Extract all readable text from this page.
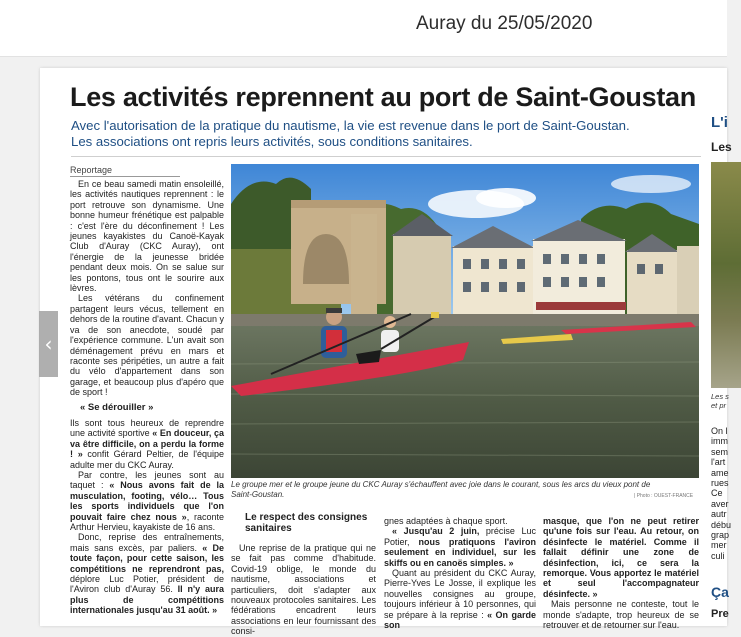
Auray du 25/05/2020
‹
Les activités reprennent au port de Saint-Goustan
Avec l'autorisation de la pratique du nautisme, la vie est revenue dans le port de Saint-Goustan.
Les associations ont repris leurs activités, sous conditions sanitaires.
Reportage

En ce beau samedi matin ensoleillé, les activités nautiques reprennent : le port retrouve son dynamisme. Une bonne humeur frénétique est palpable : c'est l'ère du déconfinement ! Les jeunes kayakistes du Canoë-Kayak Club d'Auray (CKC Auray), ont l'énergie de la jeunesse bridée pendant deux mois. On se salue sur les pontons, tous ont le sourire aux lèvres.

Les vétérans du confinement partagent leurs vécus, tellement en dehors de la routine d'avant. Chacun y va de son anecdote, soudé par l'expérience commune. L'un avait son déménagement prévu en mars et raconte ses péripéties, un autre a fait du vélo d'appartement dans son garage, et beaucoup plus d'apéro que de sport !

« Se dérouiller »

Ils sont tous heureux de reprendre une activité sportive « En douceur, ça va être difficile, on a perdu la forme ! » confit Gérard Peltier, de l'équipe adulte mer du CKC Auray.

Par contre, les jeunes sont au taquet : « Nous avons fait de la musculation, footing, vélo… Tous les sports individuels que l'on pouvait faire chez nous », raconte Arthur Hervieu, kayakiste de 16 ans.

Donc, reprise des entraînements, mais sans excès, par paliers. « De toute façon, pour cette saison, les compétitions ne reprendront pas, déplore Luc Potier, président de l'Aviron club d'Auray 56. Il n'y aura plus de compétitions internationales jusqu'au 31 août. »

Le groupe mer et le groupe jeune du CKC Auray s'échauffent avec joie dans le courant, sous les arcs du vieux pont de Saint-Goustan.	| Photo : OUEST-FRANCE
Le respect des consignes sanitaires

Une reprise de la pratique qui ne se fait pas comme d'habitude. Covid-19 oblige, le monde du nautisme, associations et particuliers, doit s'adapter aux nouveaux protocoles sanitaires. Les fédérations encadrent leurs associations en leur fournissant des consi-

gnes adaptées à chaque sport.

« Jusqu'au 2 juin, précise Luc Potier, nous pratiquons l'aviron seulement en individuel, sur les skiffs ou en canoës simples. »

Quant au président du CKC Auray, Pierre-Yves Le Josse, il explique les nouvelles consignes au groupe, toujours inférieur à 10 personnes, qui se prépare à la reprise : « On garde son

masque, que l'on ne peut retirer qu'une fois sur l'eau. Au retour, on désinfecte le matériel. Comme il fallait définir une zone de désinfection, ici, ce sera la remorque. Vous apportez le matériel et seul l'accompagnateur désinfecte. »

Mais personne ne conteste, tout le monde s'adapte, trop heureux de se retrouver et de retourner sur l'eau.

L'i
Les
Les s
et pr
On l
imm
sem
l'art
ame
rues
Ce
aver
autr
débu
grap
mer
culi
Ça
Pre
